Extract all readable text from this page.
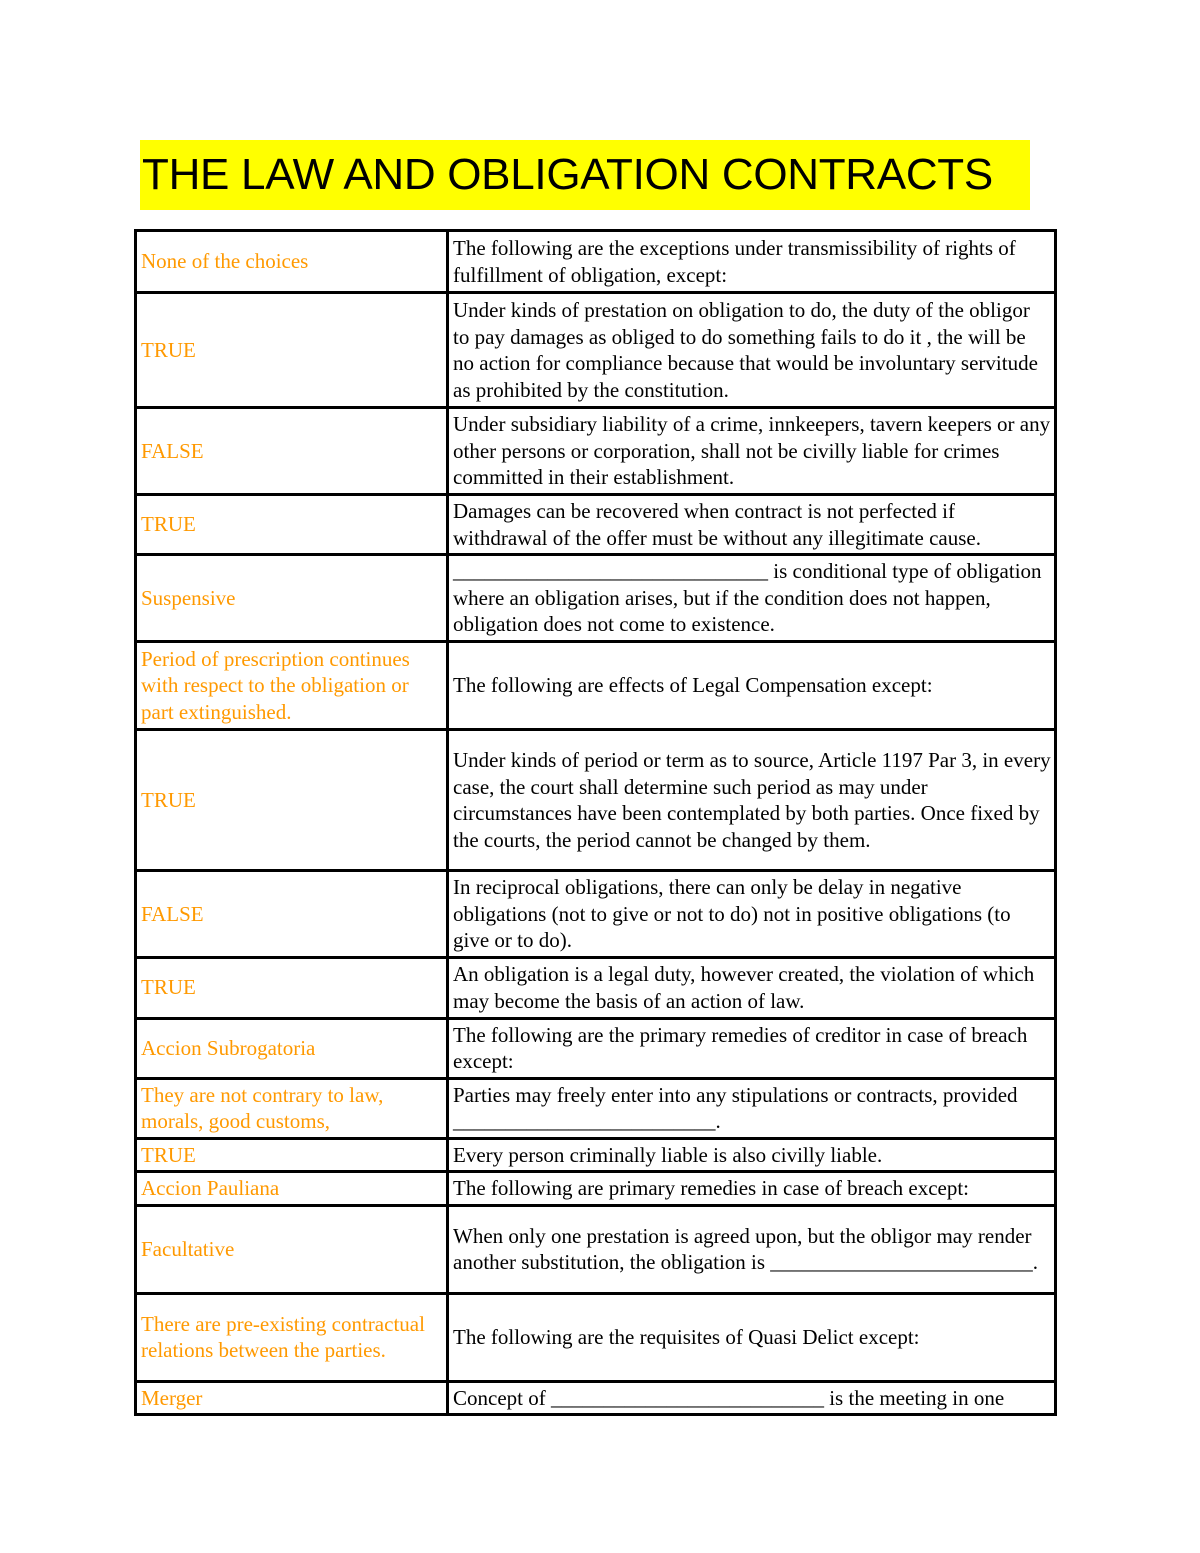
THE LAW AND OBLIGATION CONTRACTS
None of the choices	The following are the exceptions under transmissibility of rights of fulfillment of obligation, except:
TRUE	Under kinds of prestation on obligation to do, the duty of the obligor to pay damages as obliged to do something fails to do it , the will be no action for compliance because that would be involuntary servitude as prohibited by the constitution.
FALSE	Under subsidiary liability of a crime, innkeepers, tavern keepers or any other persons or corporation, shall not be civilly liable for crimes committed in their establishment.
TRUE	Damages can be recovered when contract is not perfected if withdrawal of the offer must be without any illegitimate cause.
Suspensive	______________________________ is conditional type of obligation where an obligation arises, but if the condition does not happen, obligation does not come to existence.
Period of prescription continues with respect to the obligation or part extinguished.	The following are effects of Legal Compensation except:
TRUE	Under kinds of period or term as to source, Article 1197 Par 3, in every case, the court shall determine such period as may under circumstances have been contemplated by both parties. Once fixed by the courts, the period cannot be changed by them.
FALSE	In reciprocal obligations, there can only be delay in negative obligations (not to give or not to do) not in positive obligations (to give or to do).
TRUE	An obligation is a legal duty, however created, the violation of which may become the basis of an action of law.
Accion Subrogatoria	The following are the primary remedies of creditor in case of breach except:
They are not contrary to law, morals, good customs,	Parties may freely enter into any stipulations or contracts, provided _________________________.
TRUE	Every person criminally liable is also civilly liable.
Accion Pauliana	The following are primary remedies in case of breach except:
Facultative	When only one prestation is agreed upon, but the obligor may render another substitution, the obligation is _________________________.
There are pre-existing contractual relations between the parties.	The following are the requisites of Quasi Delict except:
Merger	Concept of __________________________ is the meeting in one
